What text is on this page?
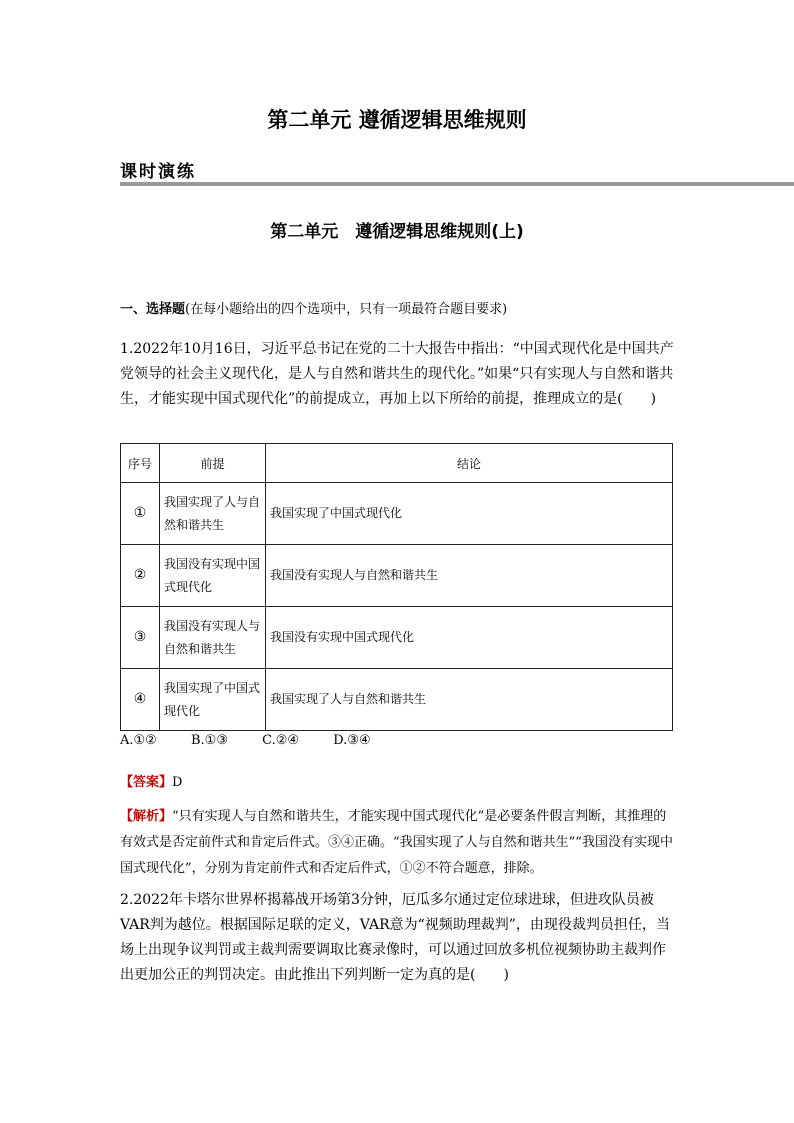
第二单元 遵循逻辑思维规则
课时演练
第二单元　遵循逻辑思维规则(上)
一、选择题(在每小题给出的四个选项中，只有一项最符合题目要求)
1.2022年10月16日，习近平总书记在党的二十大报告中指出：“中国式现代化是中国共产党领导的社会主义现代化，是人与自然和谐共生的现代化。”如果“只有实现人与自然和谐共生，才能实现中国式现代化”的前提成立，再加上以下所给的前提，推理成立的是(　　)
序号	前提	结论
①	我国实现了人与自然和谐共生	我国实现了中国式现代化
②	我国没有实现中国式现代化	我国没有实现人与自然和谐共生
③	我国没有实现人与自然和谐共生	我国没有实现中国式现代化
④	我国实现了中国式现代化	我国实现了人与自然和谐共生
A.①②	B.①③	C.②④	D.③④
【答案】D
【解析】“只有实现人与自然和谐共生，才能实现中国式现代化”是必要条件假言判断，其推理的有效式是否定前件式和肯定后件式。③④正确。“我国实现了人与自然和谐共生”“我国没有实现中国式现代化”，分别为肯定前件式和否定后件式，①②不符合题意，排除。
2.2022年卡塔尔世界杯揭幕战开场第3分钟，厄瓜多尔通过定位球进球，但进攻队员被VAR判为越位。根据国际足联的定义，VAR意为“视频助理裁判”，由现役裁判员担任，当场上出现争议判罚或主裁判需要调取比赛录像时，可以通过回放多机位视频协助主裁判作出更加公正的判罚决定。由此推出下列判断一定为真的是(　　)
